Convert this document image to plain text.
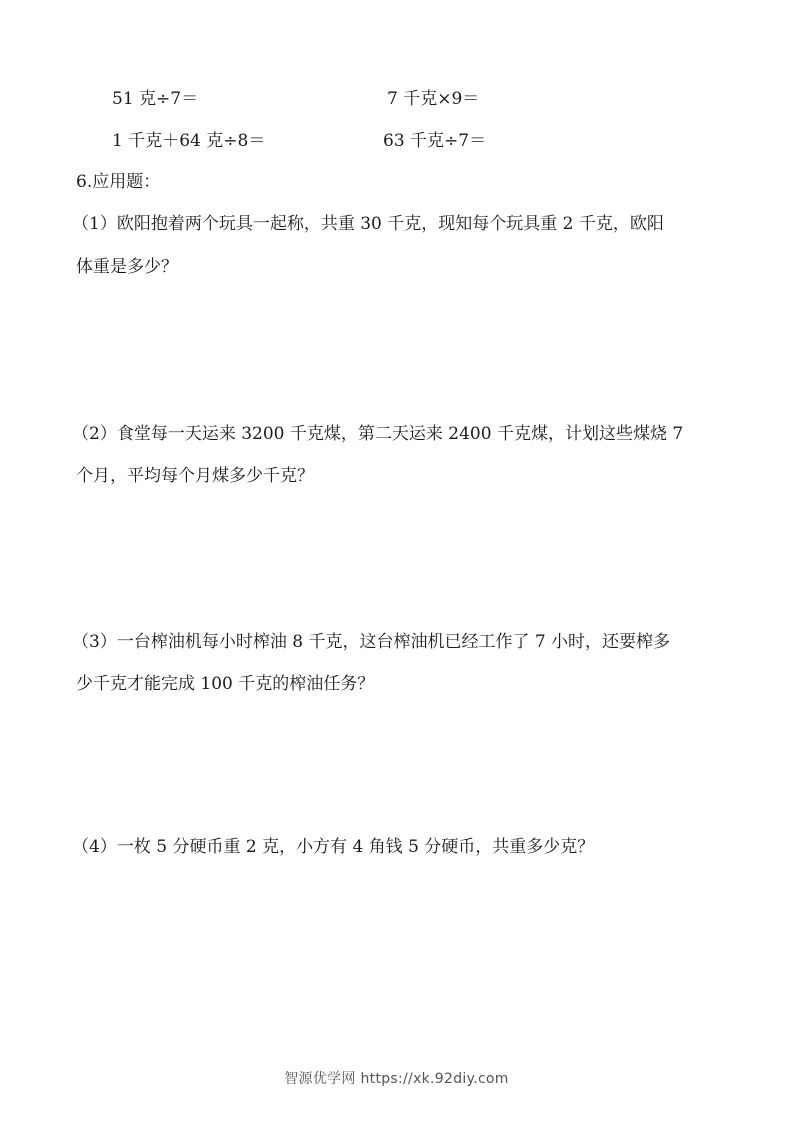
51 克÷7＝	7 千克×9＝
1 千克＋64 克÷8＝	63 千克÷7＝
6.应用题：
（1）欧阳抱着两个玩具一起称，共重 30 千克，现知每个玩具重 2 千克，欧阳
体重是多少？
（2）食堂每一天运来 3200 千克煤，第二天运来 2400 千克煤，计划这些煤烧 7
个月，平均每个月煤多少千克？
（3）一台榨油机每小时榨油 8 千克，这台榨油机已经工作了 7 小时，还要榨多
少千克才能完成 100 千克的榨油任务？
（4）一枚 5 分硬币重 2 克，小方有 4 角钱 5 分硬币，共重多少克？
智源优学网 https://xk.92diy.com
